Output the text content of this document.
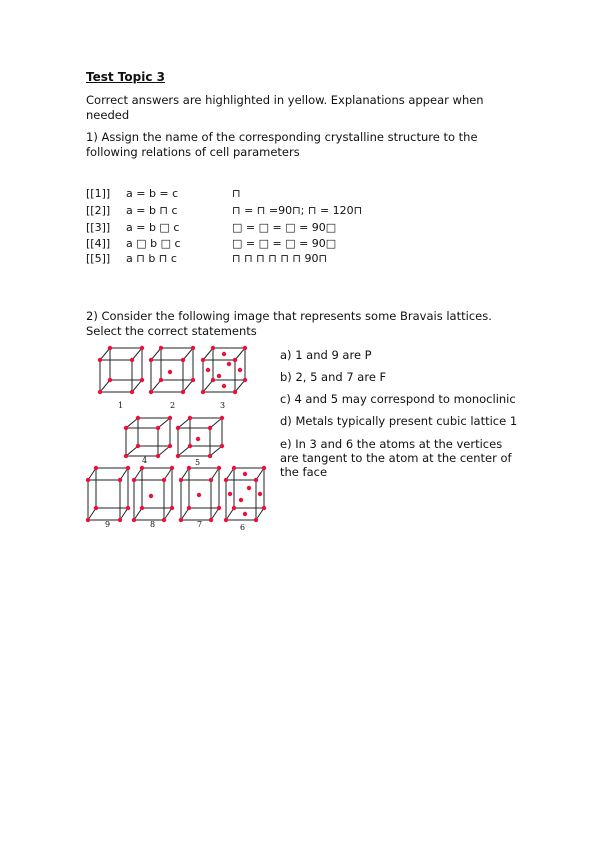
Test Topic 3
Correct answers are highlighted in yellow. Explanations appear when needed
1) Assign the name of the corresponding crystalline structure to the following relations of cell parameters
[[1]] a = b = c	⊓
[[2]] a = b ⊓ c	⊓ = ⊓ =90⊓; ⊓ = 120⊓
[[3]] a = b □ c	□ = □ = □ = 90□
[[4]] a □ b □ c	□ = □ = □ = 90□
[[5]] a ⊓ b ⊓ c	⊓ ⊓ ⊓ ⊓ ⊓ ⊓ 90⊓
2) Consider the following image that represents some Bravais lattices. Select the correct statements
a) 1 and 9 are P
b) 2, 5 and 7 are F
c) 4 and 5 may correspond to monoclinic
d) Metals typically present cubic lattice 1
e) In 3 and 6 the atoms at the vertices are tangent to the atom at the center of the face
1	2	3
4	5
9	8	7	6
